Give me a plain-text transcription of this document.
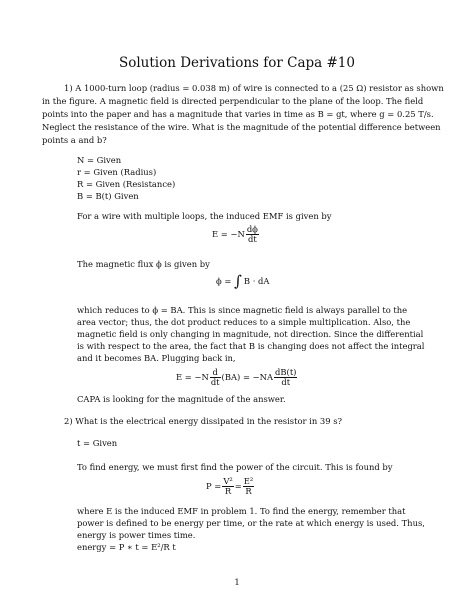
Solution Derivations for Capa #10
1) A 1000-turn loop (radius = 0.038 m) of wire is connected to a (25 Ω) resistor as shown
in the figure. A magnetic field is directed perpendicular to the plane of the loop. The field
points into the paper and has a magnitude that varies in time as B = gt, where g = 0.25 T/s.
Neglect the resistance of the wire. What is the magnitude of the potential difference between
points a and b?
N = Given
r = Given (Radius)
R = Given (Resistance)
B = B(t) Given
For a wire with multiple loops, the induced EMF is given by
$E = -N \frac{d\phi}{dt}$
The magnetic flux ϕ is given by
ϕ = ∫ B · dA
which reduces to ϕ = BA. This is since magnetic field is always parallel to the
area vector; thus, the dot product reduces to a simple multiplication. Also, the
magnetic field is only changing in magnitude, not direction. Since the differential
is with respect to the area, the fact that B is changing does not affect the integral
and it becomes BA. Plugging back in,
$E = -N \frac{d}{dt} (BA) = -NA \frac{dB(t)}{dt}$
CAPA is looking for the magnitude of the answer.
2) What is the electrical energy dissipated in the resistor in 39 s?
t = Given
To find energy, we must first find the power of the circuit. This is found by
$P = \frac{\text{V²}}{R} = \frac{\text{E²}}{R}$
where E is the induced EMF in problem 1. To find the energy, remember that
power is defined to be energy per time, or the rate at which energy is used. Thus,
energy is power times time.
energy = P ∗ t = E²/R t
1
